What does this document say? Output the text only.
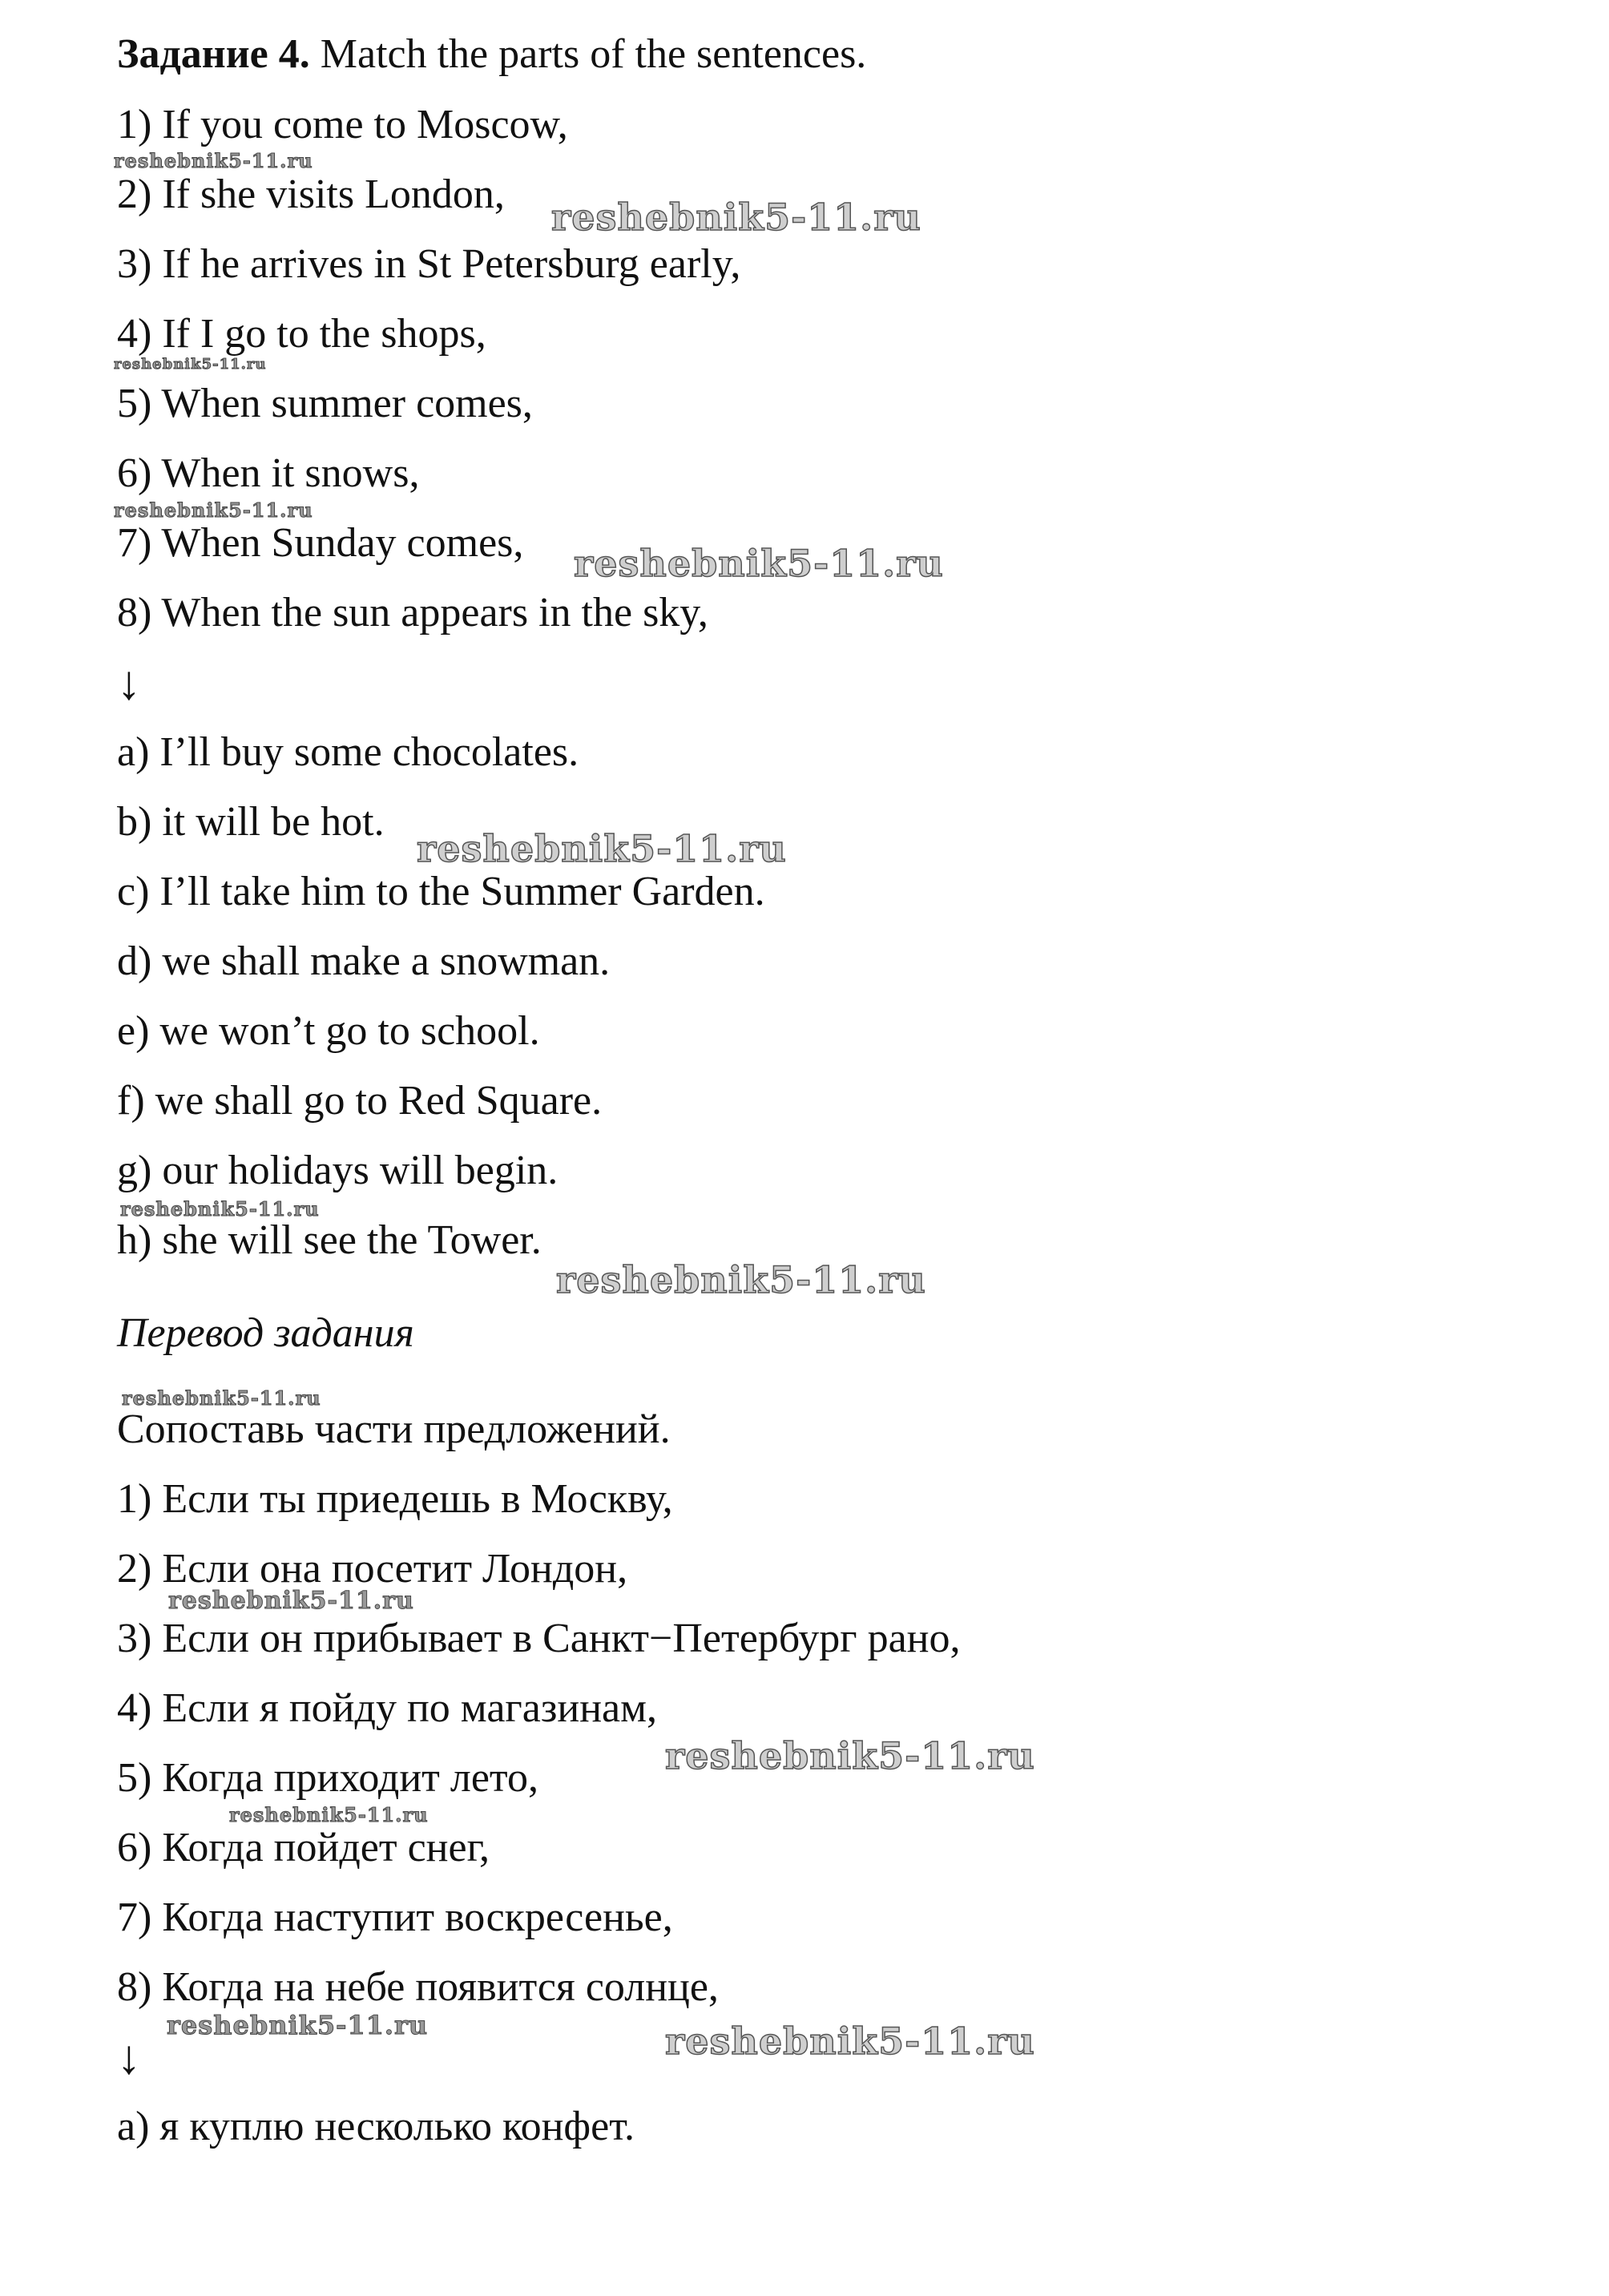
Задание 4. Match the parts of the sentences.
1) If you come to Moscow,
2) If she visits London,
3) If he arrives in St Petersburg early,
4) If I go to the shops,
5) When summer comes,
6) When it snows,
7) When Sunday comes,
8) When the sun appears in the sky,
↓
a) I’ll buy some chocolates.
b) it will be hot.
c) I’ll take him to the Summer Garden.
d) we shall make a snowman.
e) we won’t go to school.
f) we shall go to Red Square.
g) our holidays will begin.
h) she will see the Tower.
Перевод задания
Сопоставь части предложений.
1) Если ты приедешь в Москву,
2) Если она посетит Лондон,
3) Если он прибывает в Санкт−Петербург рано,
4) Если я пойду по магазинам,
5) Когда приходит лето,
6) Когда пойдет снег,
7) Когда наступит воскресенье,
8) Когда на небе появится солнце,
↓
а) я куплю несколько конфет.
reshebnik5-11.ru
reshebnik5-11.ru
reshebnik5-11.ru
reshebnik5-11.ru
reshebnik5-11.ru
reshebnik5-11.ru
reshebnik5-11.ru
reshebnik5-11.ru
reshebnik5-11.ru
reshebnik5-11.ru
reshebnik5-11.ru
reshebnik5-11.ru
reshebnik5-11.ru	reshebnik5-11.ru
